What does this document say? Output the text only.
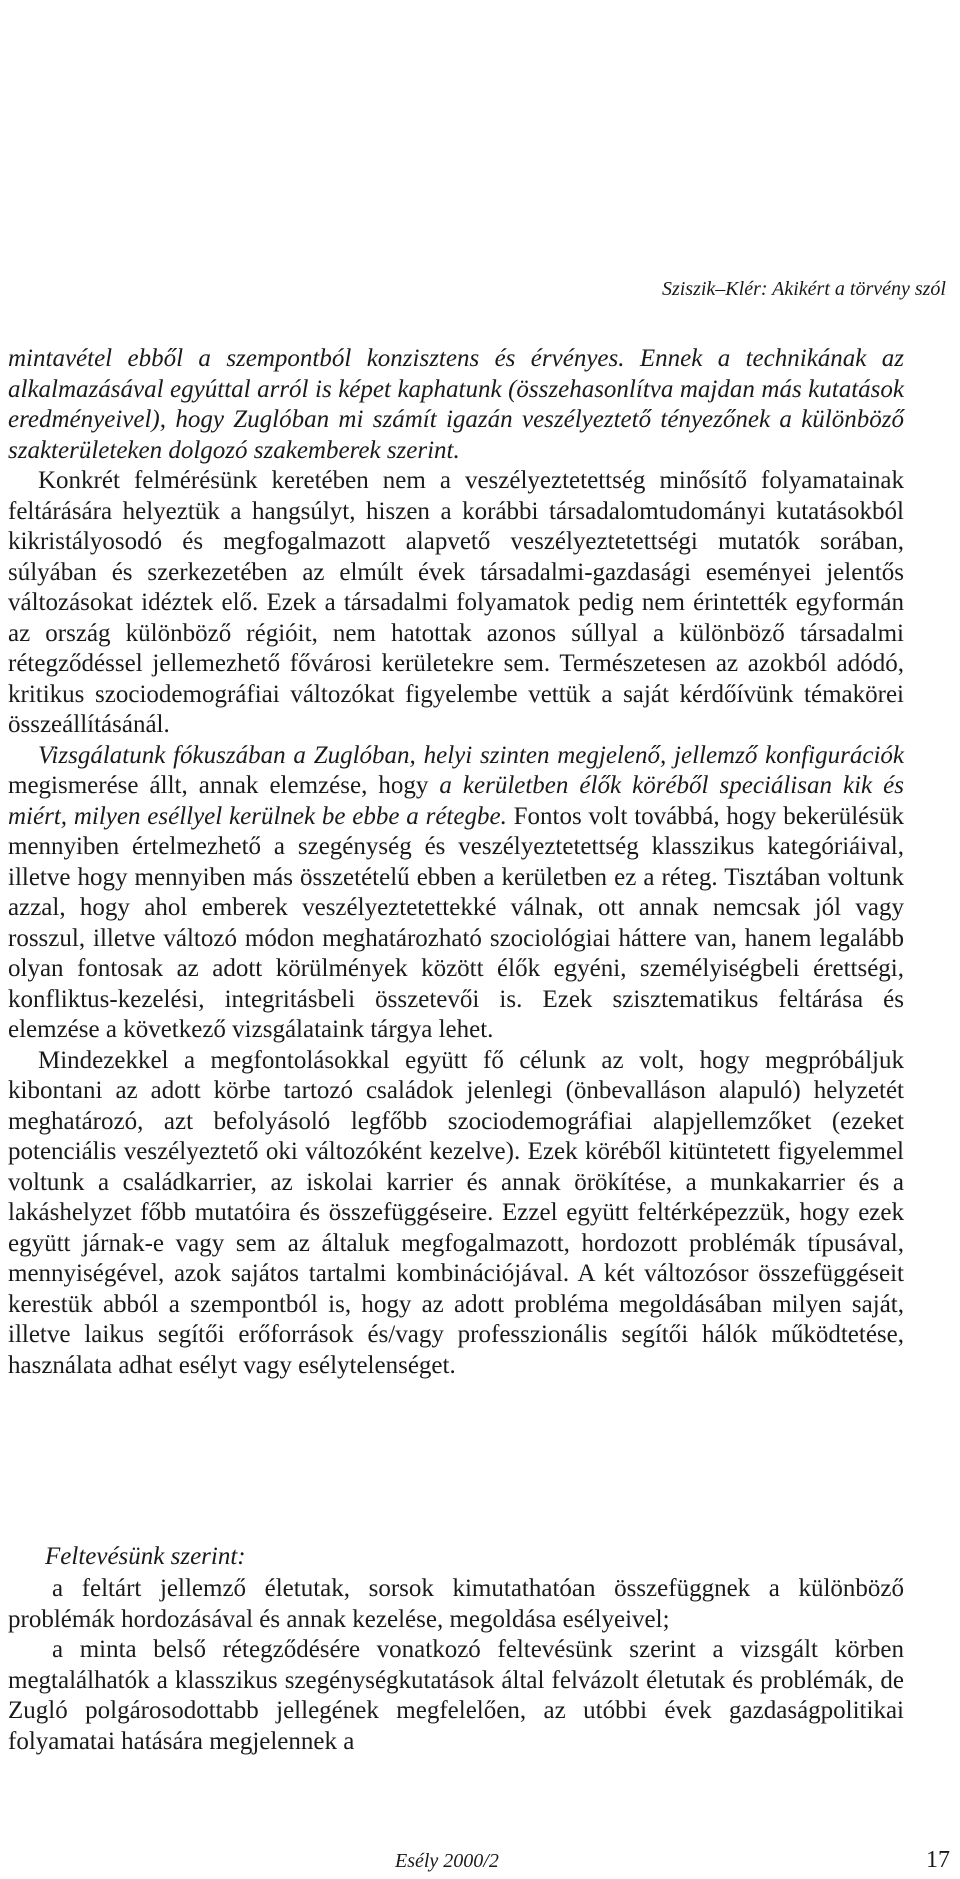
Sziszik–Klér: Akikért a törvény szól

mintavétel ebből a szempontból konzisztens és érvényes. Ennek a technikának az alkalmazásával egyúttal arról is képet kaphatunk (összehasonlítva majdan más kutatások eredményeivel), hogy Zuglóban mi számít igazán veszélyeztető tényezőnek a különböző szakterületeken dolgozó szakemberek szerint.

Konkrét felmérésünk keretében nem a veszélyeztetettség minősítő folyamatainak feltárására helyeztük a hangsúlyt, hiszen a korábbi társadalomtudományi kutatásokból kikristályosodó és megfogalmazott alapvető veszélyeztetettségi mutatók sorában, súlyában és szerkezetében az elmúlt évek társadalmi-gazdasági eseményei jelentős változásokat idéztek elő. Ezek a társadalmi folyamatok pedig nem érintették egyformán az ország különböző régióit, nem hatottak azonos súllyal a különböző társadalmi rétegződéssel jellemezhető fővárosi kerületekre sem. Természetesen az azokból adódó, kritikus szociodemográfiai változókat figyelembe vettük a saját kérdőívünk témakörei összeállításánál.

Vizsgálatunk fókuszában a Zuglóban, helyi szinten megjelenő, jellemző konfigurációk megismerése állt, annak elemzése, hogy a kerületben élők köréből speciálisan kik és miért, milyen eséllyel kerülnek be ebbe a rétegbe. Fontos volt továbbá, hogy bekerülésük mennyiben értelmezhető a szegénység és veszélyeztetettség klasszikus kategóriáival, illetve hogy mennyiben más összetételű ebben a kerületben ez a réteg. Tisztában voltunk azzal, hogy ahol emberek veszélyeztetettekké válnak, ott annak nemcsak jól vagy rosszul, illetve változó módon meghatározható szociológiai háttere van, hanem legalább olyan fontosak az adott körülmények között élők egyéni, személyiségbeli érettségi, konfliktus-kezelési, integritásbeli összetevői is. Ezek szisztematikus feltárása és elemzése a következő vizsgálataink tárgya lehet.

Mindezekkel a megfontolásokkal együtt fő célunk az volt, hogy megpróbáljuk kibontani az adott körbe tartozó családok jelenlegi (önbevalláson alapuló) helyzetét meghatározó, azt befolyásoló legfőbb szociodemográfiai alapjellemzőket (ezeket potenciális veszélyeztető oki változóként kezelve). Ezek köréből kitüntetett figyelemmel voltunk a családkarrier, az iskolai karrier és annak örökítése, a munkakarrier és a lakáshelyzet főbb mutatóira és összefüggéseire. Ezzel együtt feltérképezzük, hogy ezek együtt járnak-e vagy sem az általuk megfogalmazott, hordozott problémák típusával, mennyiségével, azok sajátos tartalmi kombinációjával. A két változósor összefüggéseit kerestük abból a szempontból is, hogy az adott probléma megoldásában milyen saját, illetve laikus segítői erőforrások és/vagy professzionális segítői hálók működtetése, használata adhat esélyt vagy esélytelenséget.

Feltevésünk szerint:

a feltárt jellemző életutak, sorsok kimutathatóan összefüggnek a különböző problémák hordozásával és annak kezelése, megoldása esélyeivel;

a minta belső rétegződésére vonatkozó feltevésünk szerint a vizsgált körben megtalálhatók a klasszikus szegénységkutatások által felvázolt életutak és problémák, de Zugló polgárosodottabb jellegének megfelelően, az utóbbi évek gazdaságpolitikai folyamatai hatására megjelennek a

Esély 2000/2	17
